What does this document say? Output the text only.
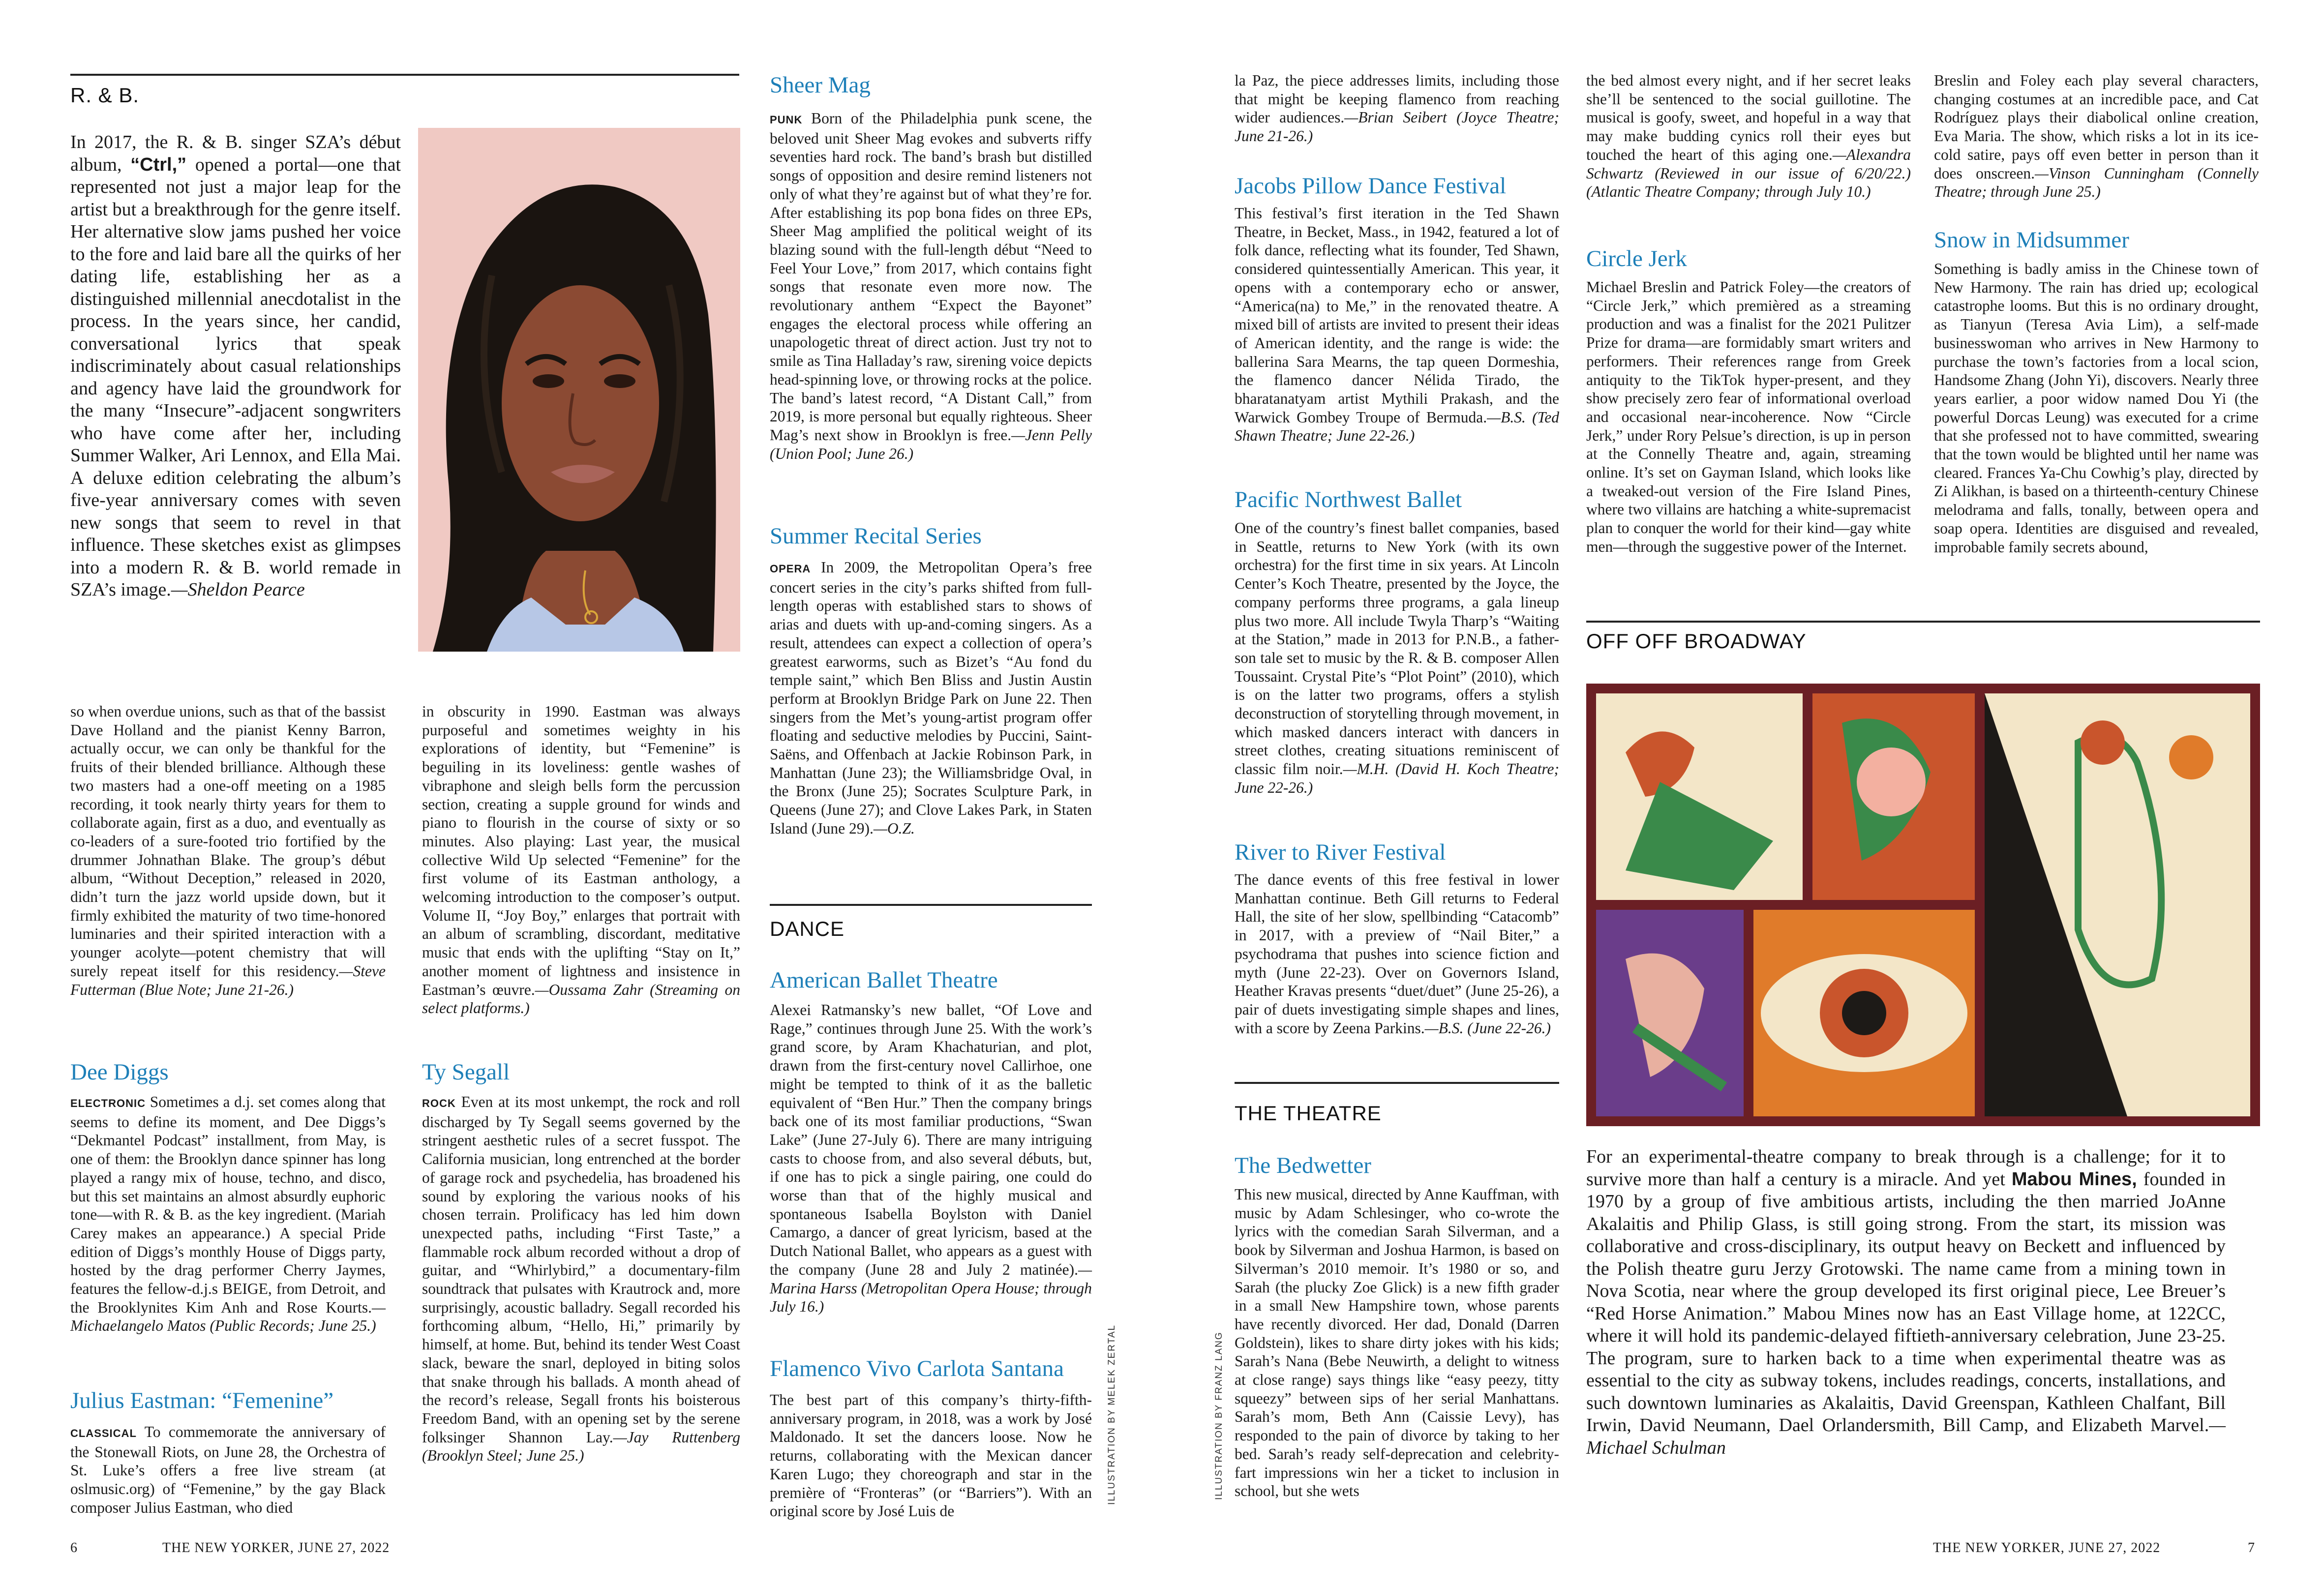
R. & B.
In 2017, the R. & B. singer SZA’s début album, “Ctrl,” opened a portal—one that represented not just a major leap for the artist but a breakthrough for the genre itself. Her alternative slow jams pushed her voice to the fore and laid bare all the quirks of her dating life, establishing her as a distinguished millennial anecdotalist in the process. In the years since, her candid, conversational lyrics that speak indiscriminately about casual relationships and agency have laid the groundwork for the many “Insecure”-adjacent songwriters who have come after her, including Summer Walker, Ari Lennox, and Ella Mai. A deluxe edition celebrating the album’s five-year anniversary comes with seven new songs that seem to revel in that influence. These sketches exist as glimpses into a modern R. & B. world remade in SZA’s image.—Sheldon Pearce
so when overdue unions, such as that of the bassist Dave Holland and the pianist Kenny Barron, actually occur, we can only be thankful for the fruits of their blended brilliance. Although these two masters had a one-off meeting on a 1985 recording, it took nearly thirty years for them to collaborate again, first as a duo, and eventually as co-leaders of a sure-footed trio fortified by the drummer Johnathan Blake. The group’s début album, “Without Deception,” released in 2020, didn’t turn the jazz world upside down, but it firmly exhibited the maturity of two time-honored luminaries and their spirited interaction with a younger acolyte—potent chemistry that will surely repeat itself for this residency.—Steve Futterman (Blue Note; June 21-26.)
Dee Diggs
ELECTRONIC Sometimes a d.j. set comes along that seems to define its moment, and Dee Diggs’s “Dekmantel Podcast” installment, from May, is one of them: the Brooklyn dance spinner has long played a rangy mix of house, techno, and disco, but this set maintains an almost absurdly euphoric tone—with R. & B. as the key ingredient. (Mariah Carey makes an appearance.) A special Pride edition of Diggs’s monthly House of Diggs party, hosted by the drag performer Cherry Jaymes, features the fellow-d.j.s BEIGE, from Detroit, and the Brooklynites Kim Anh and Rose Kourts.—Michaelangelo Matos (Public Records; June 25.)
Julius Eastman: “Femenine”
CLASSICAL To commemorate the anniversary of the Stonewall Riots, on June 28, the Orchestra of St. Luke’s offers a free live stream (at oslmusic.org) of “Femenine,” by the gay Black composer Julius Eastman, who died
in obscurity in 1990. Eastman was always purposeful and sometimes weighty in his explorations of identity, but “Femenine” is beguiling in its loveliness: gentle washes of vibraphone and sleigh bells form the percussion section, creating a supple ground for winds and piano to flourish in the course of sixty or so minutes. Also playing: Last year, the musical collective Wild Up selected “Femenine” for the first volume of its Eastman anthology, a welcoming introduction to the composer’s output. Volume II, “Joy Boy,” enlarges that portrait with an album of scrambling, discordant, meditative music that ends with the uplifting “Stay on It,” another moment of lightness and insistence in Eastman’s œuvre.—Oussama Zahr (Streaming on select platforms.)
Ty Segall
ROCK Even at its most unkempt, the rock and roll discharged by Ty Segall seems governed by the stringent aesthetic rules of a secret fusspot. The California musician, long entrenched at the border of garage rock and psychedelia, has broadened his sound by exploring the various nooks of his chosen terrain. Prolificacy has led him down unexpected paths, including “First Taste,” a flammable rock album recorded without a drop of guitar, and “Whirlybird,” a documentary-film soundtrack that pulsates with Krautrock and, more surprisingly, acoustic balladry. Segall recorded his forthcoming album, “Hello, Hi,” primarily by himself, at home. But, behind its tender West Coast slack, beware the snarl, deployed in biting solos that snake through his ballads. A month ahead of the record’s release, Segall fronts his boisterous Freedom Band, with an opening set by the serene folksinger Shannon Lay.—Jay Ruttenberg (Brooklyn Steel; June 25.)
Sheer Mag
PUNK Born of the Philadelphia punk scene, the beloved unit Sheer Mag evokes and subverts riffy seventies hard rock. The band’s brash but distilled songs of opposition and desire remind listeners not only of what they’re against but of what they’re for. After establishing its pop bona fides on three EPs, Sheer Mag amplified the political weight of its blazing sound with the full-length début “Need to Feel Your Love,” from 2017, which contains fight songs that resonate even more now. The revolutionary anthem “Expect the Bayonet” engages the electoral process while offering an unapologetic threat of direct action. Just try not to smile as Tina Halladay’s raw, sirening voice depicts head-spinning love, or throwing rocks at the police. The band’s latest record, “A Distant Call,” from 2019, is more personal but equally righteous. Sheer Mag’s next show in Brooklyn is free.—Jenn Pelly (Union Pool; June 26.)
Summer Recital Series
OPERA In 2009, the Metropolitan Opera’s free concert series in the city’s parks shifted from full-length operas with established stars to shows of arias and duets with up-and-coming singers. As a result, attendees can expect a collection of opera’s greatest earworms, such as Bizet’s “Au fond du temple saint,” which Ben Bliss and Justin Austin perform at Brooklyn Bridge Park on June 22. Then singers from the Met’s young-artist program offer floating and seductive melodies by Puccini, Saint-Saëns, and Offenbach at Jackie Robinson Park, in Manhattan (June 23); the Williamsbridge Oval, in the Bronx (June 25); Socrates Sculpture Park, in Queens (June 27); and Clove Lakes Park, in Staten Island (June 29).—O.Z.
DANCE
American Ballet Theatre
Alexei Ratmansky’s new ballet, “Of Love and Rage,” continues through June 25. With the work’s grand score, by Aram Khachaturian, and plot, drawn from the first-century novel Callirhoe, one might be tempted to think of it as the balletic equivalent of “Ben Hur.” Then the company brings back one of its most familiar productions, “Swan Lake” (June 27-July 6). There are many intriguing casts to choose from, and also several débuts, but, if one has to pick a single pairing, one could do worse than that of the highly musical and spontaneous Isabella Boylston with Daniel Camargo, a dancer of great lyricism, based at the Dutch National Ballet, who appears as a guest with the company (June 28 and July 2 matinée).—Marina Harss (Metropolitan Opera House; through July 16.)
Flamenco Vivo Carlota Santana
The best part of this company’s thirty-fifth-anniversary program, in 2018, was a work by José Maldonado. It set the dancers loose. Now he returns, collaborating with the Mexican dancer Karen Lugo; they choreograph and star in the première of “Fronteras” (or “Barriers”). With an original score by José Luis de
ILLUSTRATION BY MELEK ZERTAL
6	THE NEW YORKER, JUNE 27, 2022
la Paz, the piece addresses limits, including those that might be keeping flamenco from reaching wider audiences.—Brian Seibert (Joyce Theatre; June 21-26.)
Jacobs Pillow Dance Festival
This festival’s first iteration in the Ted Shawn Theatre, in Becket, Mass., in 1942, featured a lot of folk dance, reflecting what its founder, Ted Shawn, considered quintessentially American. This year, it opens with a contemporary echo or answer, “America(na) to Me,” in the renovated theatre. A mixed bill of artists are invited to present their ideas of American identity, and the range is wide: the ballerina Sara Mearns, the tap queen Dormeshia, the flamenco dancer Nélida Tirado, the bharatanatyam artist Mythili Prakash, and the Warwick Gombey Troupe of Bermuda.—B.S. (Ted Shawn Theatre; June 22-26.)
Pacific Northwest Ballet
One of the country’s finest ballet companies, based in Seattle, returns to New York (with its own orchestra) for the first time in six years. At Lincoln Center’s Koch Theatre, presented by the Joyce, the company performs three programs, a gala lineup plus two more. All include Twyla Tharp’s “Waiting at the Station,” made in 2013 for P.N.B., a father-son tale set to music by the R. & B. composer Allen Toussaint. Crystal Pite’s “Plot Point” (2010), which is on the latter two programs, offers a stylish deconstruction of storytelling through movement, in which masked dancers interact with dancers in street clothes, creating situations reminiscent of classic film noir.—M.H. (David H. Koch Theatre; June 22-26.)
River to River Festival
The dance events of this free festival in lower Manhattan continue. Beth Gill returns to Federal Hall, the site of her slow, spellbinding “Catacomb” in 2017, with a preview of “Nail Biter,” a psychodrama that pushes into science fiction and myth (June 22-23). Over on Governors Island, Heather Kravas presents “duet/duet” (June 25-26), a pair of duets investigating simple shapes and lines, with a score by Zeena Parkins.—B.S. (June 22-26.)
THE THEATRE
The Bedwetter
This new musical, directed by Anne Kauffman, with music by Adam Schlesinger, who co-wrote the lyrics with the comedian Sarah Silverman, and a book by Silverman and Joshua Harmon, is based on Silverman’s 2010 memoir. It’s 1980 or so, and Sarah (the plucky Zoe Glick) is a new fifth grader in a small New Hampshire town, whose parents have recently divorced. Her dad, Donald (Darren Goldstein), likes to share dirty jokes with his kids; Sarah’s Nana (Bebe Neuwirth, a delight to witness at close range) says things like “easy peezy, titty squeezy” between sips of her serial Manhattans. Sarah’s mom, Beth Ann (Caissie Levy), has responded to the pain of divorce by taking to her bed. Sarah’s ready self-deprecation and celebrity-fart impressions win her a ticket to inclusion in school, but she wets
ILLUSTRATION BY FRANZ LANG
the bed almost every night, and if her secret leaks she’ll be sentenced to the social guillotine. The musical is goofy, sweet, and hopeful in a way that may make budding cynics roll their eyes but touched the heart of this aging one.—Alexandra Schwartz (Reviewed in our issue of 6/20/22.) (Atlantic Theatre Company; through July 10.)
Circle Jerk
Michael Breslin and Patrick Foley—the creators of “Circle Jerk,” which premièred as a streaming production and was a finalist for the 2021 Pulitzer Prize for drama—are formidably smart writers and performers. Their references range from Greek antiquity to the TikTok hyper-present, and they show precisely zero fear of informational overload and occasional near-incoherence. Now “Circle Jerk,” under Rory Pelsue’s direction, is up in person at the Connelly Theatre and, again, streaming online. It’s set on Gayman Island, which looks like a tweaked-out version of the Fire Island Pines, where two villains are hatching a white-supremacist plan to conquer the world for their kind—gay white men—through the suggestive power of the Internet.
Breslin and Foley each play several characters, changing costumes at an incredible pace, and Cat Rodríguez plays their diabolical online creation, Eva Maria. The show, which risks a lot in its ice-cold satire, pays off even better in person than it does onscreen.—Vinson Cunningham (Connelly Theatre; through June 25.)
Snow in Midsummer
Something is badly amiss in the Chinese town of New Harmony. The rain has dried up; ecological catastrophe looms. But this is no ordinary drought, as Tianyun (Teresa Avia Lim), a self-made businesswoman who arrives in New Harmony to purchase the town’s factories from a local scion, Handsome Zhang (John Yi), discovers. Nearly three years earlier, a poor widow named Dou Yi (the powerful Dorcas Leung) was executed for a crime that she professed not to have committed, swearing that the town would be blighted until her name was cleared. Frances Ya-Chu Cowhig’s play, directed by Zi Alikhan, is based on a thirteenth-century Chinese melodrama and falls, tonally, between opera and soap opera. Identities are disguised and revealed, improbable family secrets abound,
OFF OFF BROADWAY
For an experimental-theatre company to break through is a challenge; for it to survive more than half a century is a miracle. And yet Mabou Mines, founded in 1970 by a group of five ambitious artists, including the then married JoAnne Akalaitis and Philip Glass, is still going strong. From the start, its mission was collaborative and cross-disciplinary, its output heavy on Beckett and influenced by the Polish theatre guru Jerzy Grotowski. The name came from a mining town in Nova Scotia, near where the group developed its first original piece, Lee Breuer’s “Red Horse Animation.” Mabou Mines now has an East Village home, at 122CC, where it will hold its pandemic-delayed fiftieth-anniversary celebration, June 23-25. The program, sure to harken back to a time when experimental theatre was as essential to the city as subway tokens, includes readings, concerts, installations, and such downtown luminaries as Akalaitis, David Greenspan, Kathleen Chalfant, Bill Irwin, David Neumann, Dael Orlandersmith, Bill Camp, and Elizabeth Marvel.—Michael Schulman
THE NEW YORKER, JUNE 27, 2022	7
